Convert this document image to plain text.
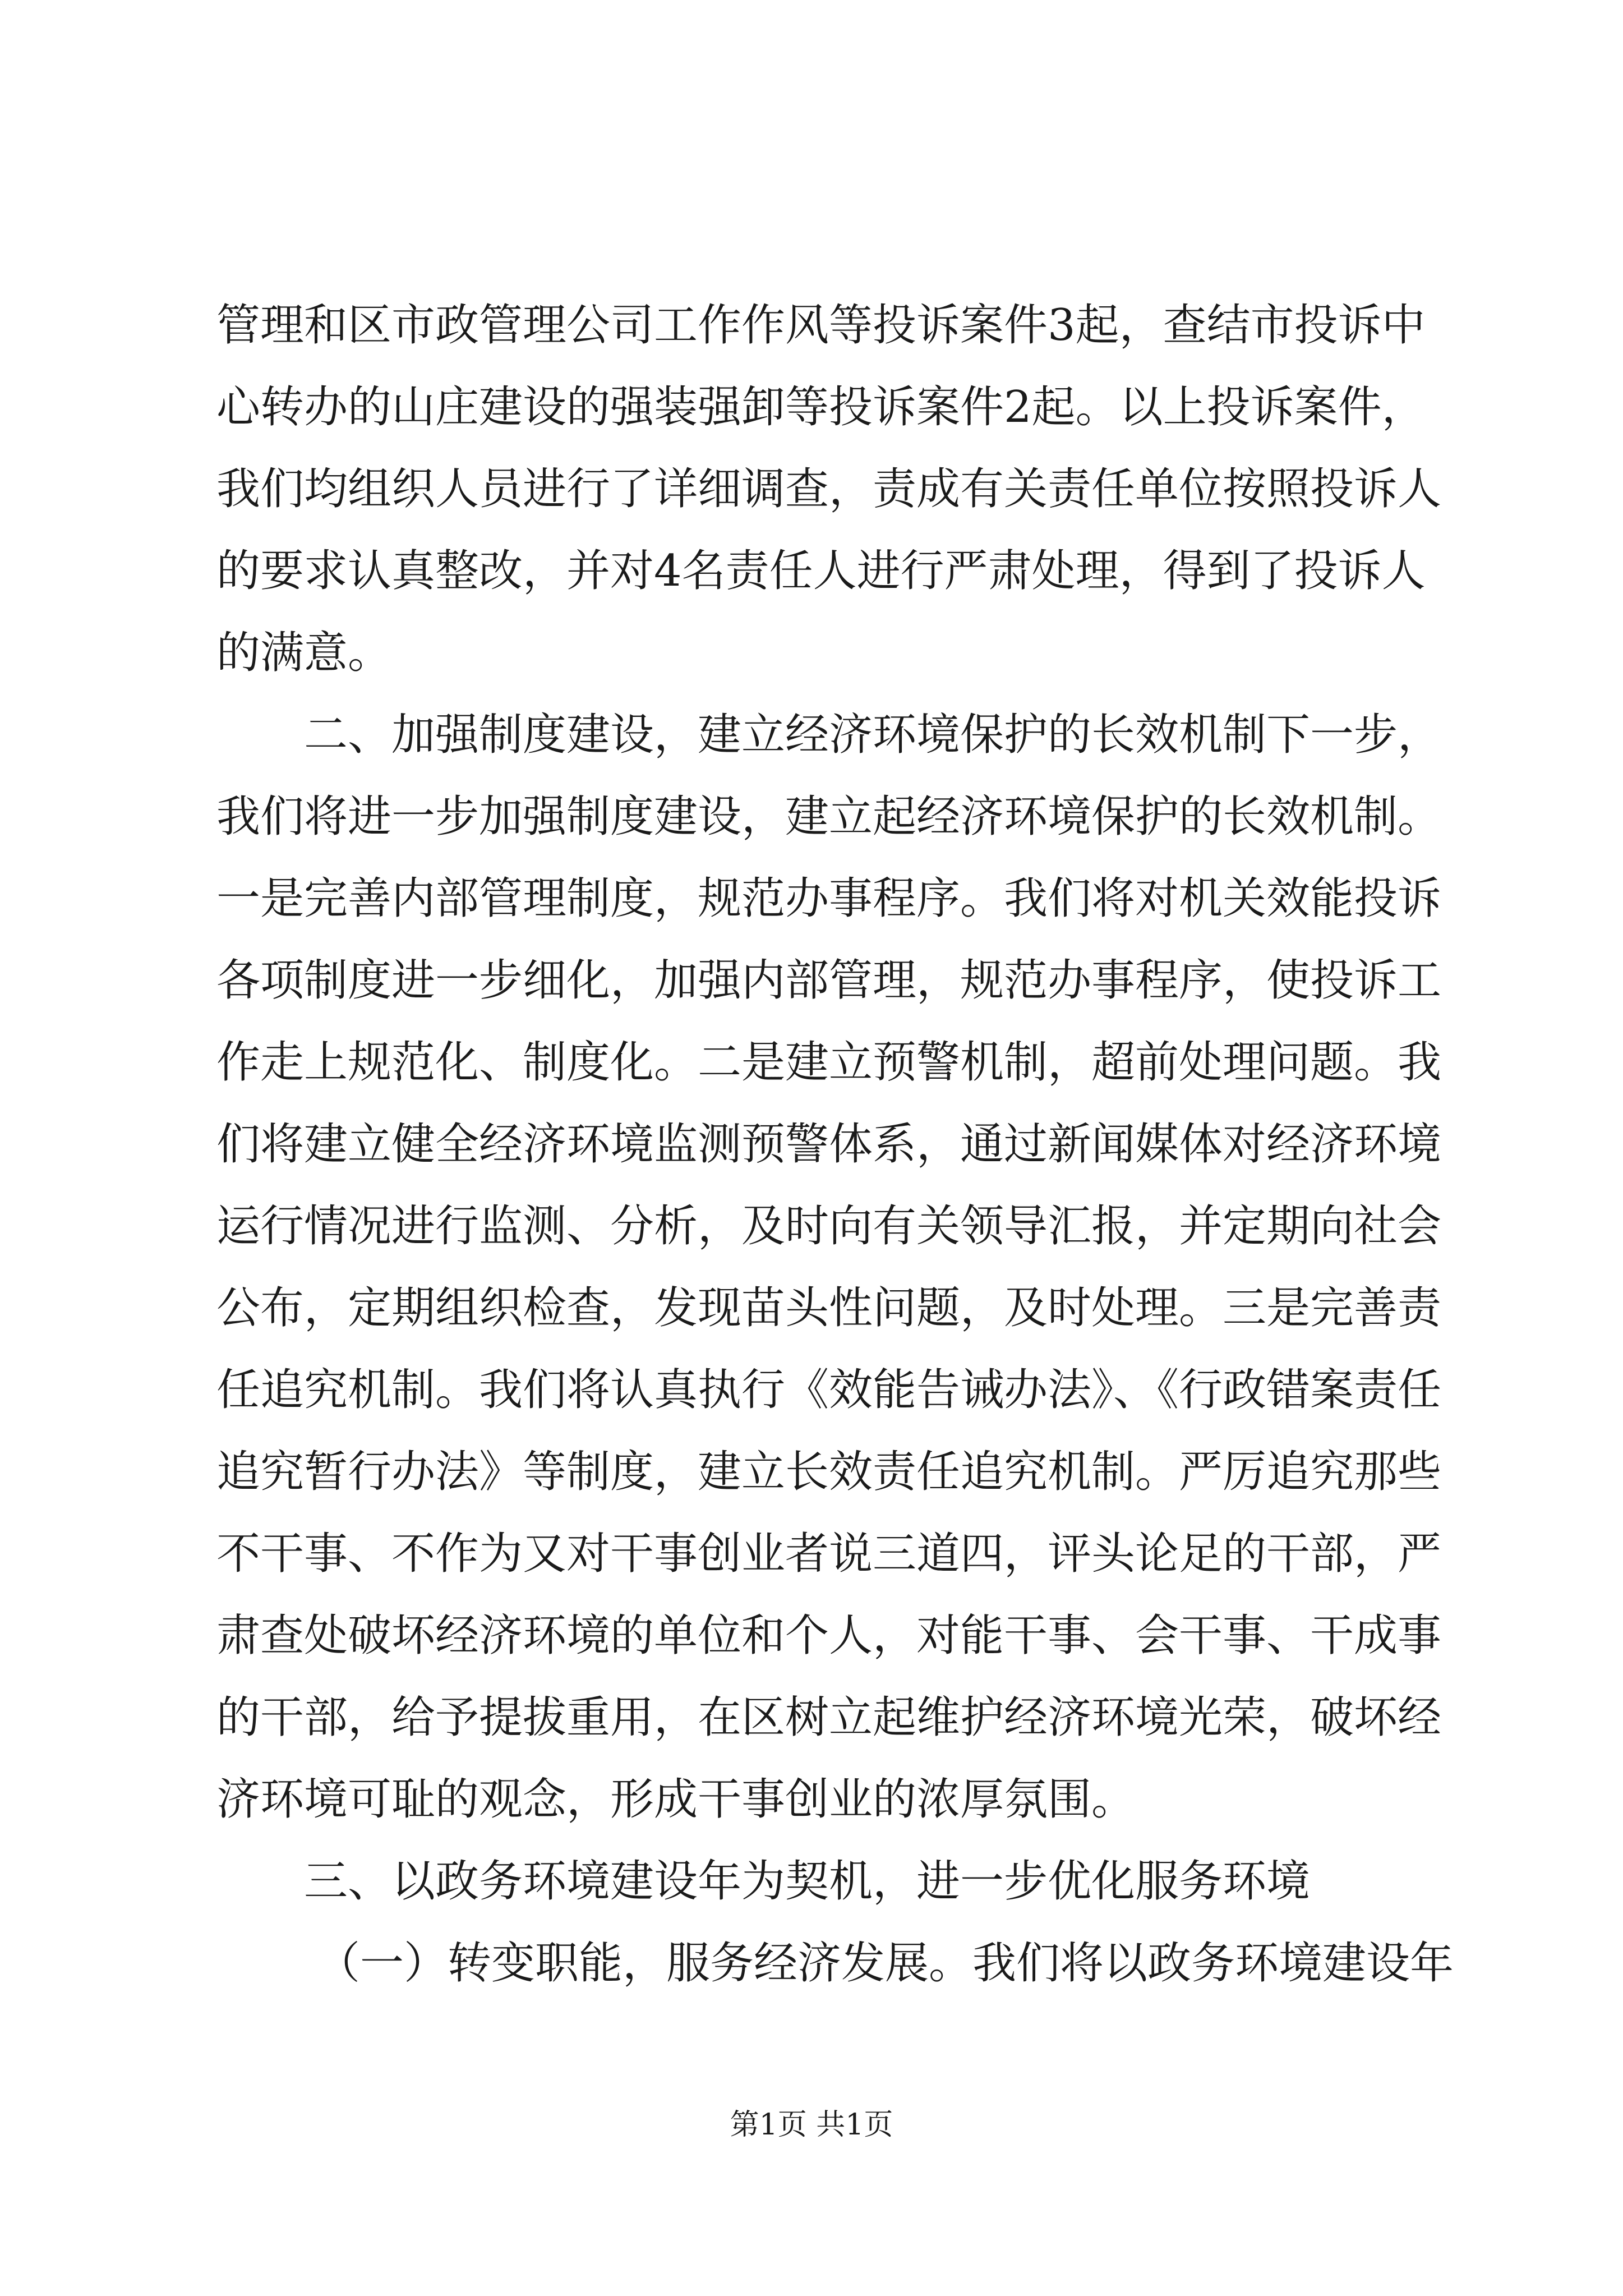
管理和区市政管理公司工作作风等投诉案件3起，查结市投诉中
心转办的山庄建设的强装强卸等投诉案件2起。以上投诉案件，
我们均组织人员进行了详细调查，责成有关责任单位按照投诉人
的要求认真整改，并对4名责任人进行严肃处理，得到了投诉人
的满意。
二、加强制度建设，建立经济环境保护的长效机制下一步，
我们将进一步加强制度建设，建立起经济环境保护的长效机制。
一是完善内部管理制度，规范办事程序。我们将对机关效能投诉
各项制度进一步细化，加强内部管理，规范办事程序，使投诉工
作走上规范化、制度化。二是建立预警机制，超前处理问题。我
们将建立健全经济环境监测预警体系，通过新闻媒体对经济环境
运行情况进行监测、分析，及时向有关领导汇报，并定期向社会
公布，定期组织检查，发现苗头性问题，及时处理。三是完善责
任追究机制。我们将认真执行《效能告诫办法》、《行政错案责任
追究暂行办法》等制度，建立长效责任追究机制。严厉追究那些
不干事、不作为又对干事创业者说三道四，评头论足的干部，严
肃查处破坏经济环境的单位和个人，对能干事、会干事、干成事
的干部，给予提拔重用，在区树立起维护经济环境光荣，破坏经
济环境可耻的观念，形成干事创业的浓厚氛围。
三、以政务环境建设年为契机，进一步优化服务环境
（一）转变职能，服务经济发展。我们将以政务环境建设年
第1页 共1页
